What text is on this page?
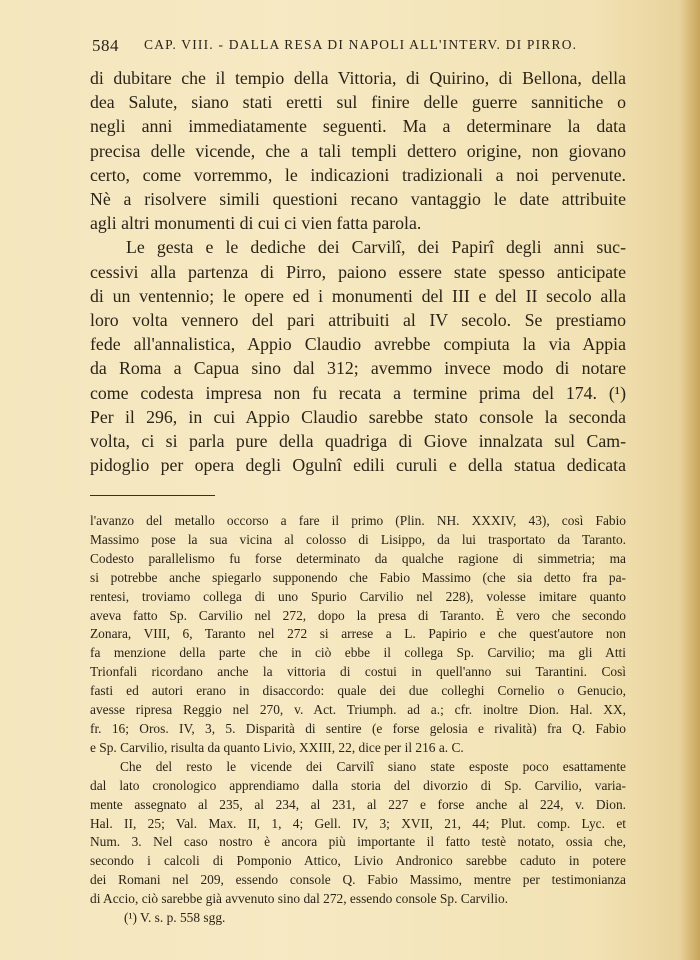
584 CAP. VIII. - DALLA RESA DI NAPOLI ALL'INTERV. DI PIRRO.
di dubitare che il tempio della Vittoria, di Quirino, di Bellona, della
dea Salute, siano stati eretti sul finire delle guerre sannitiche o
negli anni immediatamente seguenti. Ma a determinare la data
precisa delle vicende, che a tali templi dettero origine, non giovano
certo, come vorremmo, le indicazioni tradizionali a noi pervenute.
Nè a risolvere simili questioni recano vantaggio le date attribuite
agli altri monumenti di cui ci vien fatta parola.
Le gesta e le dediche dei Carvilî, dei Papirî degli anni suc-
cessivi alla partenza di Pirro, paiono essere state spesso anticipate
di un ventennio; le opere ed i monumenti del III e del II secolo alla
loro volta vennero del pari attribuiti al IV secolo. Se prestiamo
fede all'annalistica, Appio Claudio avrebbe compiuta la via Appia
da Roma a Capua sino dal 312; avemmo invece modo di notare
come codesta impresa non fu recata a termine prima del 174. (¹)
Per il 296, in cui Appio Claudio sarebbe stato console la seconda
volta, ci si parla pure della quadriga di Giove innalzata sul Cam-
pidoglio per opera degli Ogulnî edili curuli e della statua dedicata
l'avanzo del metallo occorso a fare il primo (Plin. NH. XXXIV, 43), così Fabio
Massimo pose la sua vicina al colosso di Lisippo, da lui trasportato da Taranto.
Codesto parallelismo fu forse determinato da qualche ragione di simmetria; ma
si potrebbe anche spiegarlo supponendo che Fabio Massimo (che sia detto fra pa-
rentesi, troviamo collega di uno Spurio Carvilio nel 228), volesse imitare quanto
aveva fatto Sp. Carvilio nel 272, dopo la presa di Taranto. È vero che secondo
Zonara, VIII, 6, Taranto nel 272 si arrese a L. Papirio e che quest'autore non
fa menzione della parte che in ciò ebbe il collega Sp. Carvilio; ma gli Atti
Trionfali ricordano anche la vittoria di costui in quell'anno sui Tarantini. Così
fasti ed autori erano in disaccordo: quale dei due colleghi Cornelio o Genucio,
avesse ripresa Reggio nel 270, v. Act. Triumph. ad a.; cfr. inoltre Dion. Hal. XX,
fr. 16; Oros. IV, 3, 5. Disparità di sentire (e forse gelosia e rivalità) fra Q. Fabio
e Sp. Carvilio, risulta da quanto Livio, XXIII, 22, dice per il 216 a. C.
Che del resto le vicende dei Carvilî siano state esposte poco esattamente
dal lato cronologico apprendiamo dalla storia del divorzio di Sp. Carvilio, varia-
mente assegnato al 235, al 234, al 231, al 227 e forse anche al 224, v. Dion.
Hal. II, 25; Val. Max. II, 1, 4; Gell. IV, 3; XVII, 21, 44; Plut. comp. Lyc. et
Num. 3. Nel caso nostro è ancora più importante il fatto testè notato, ossia che,
secondo i calcoli di Pomponio Attico, Livio Andronico sarebbe caduto in potere
dei Romani nel 209, essendo console Q. Fabio Massimo, mentre per testimonianza
di Accio, ciò sarebbe già avvenuto sino dal 272, essendo console Sp. Carvilio.
(¹) V. s. p. 558 sgg.
